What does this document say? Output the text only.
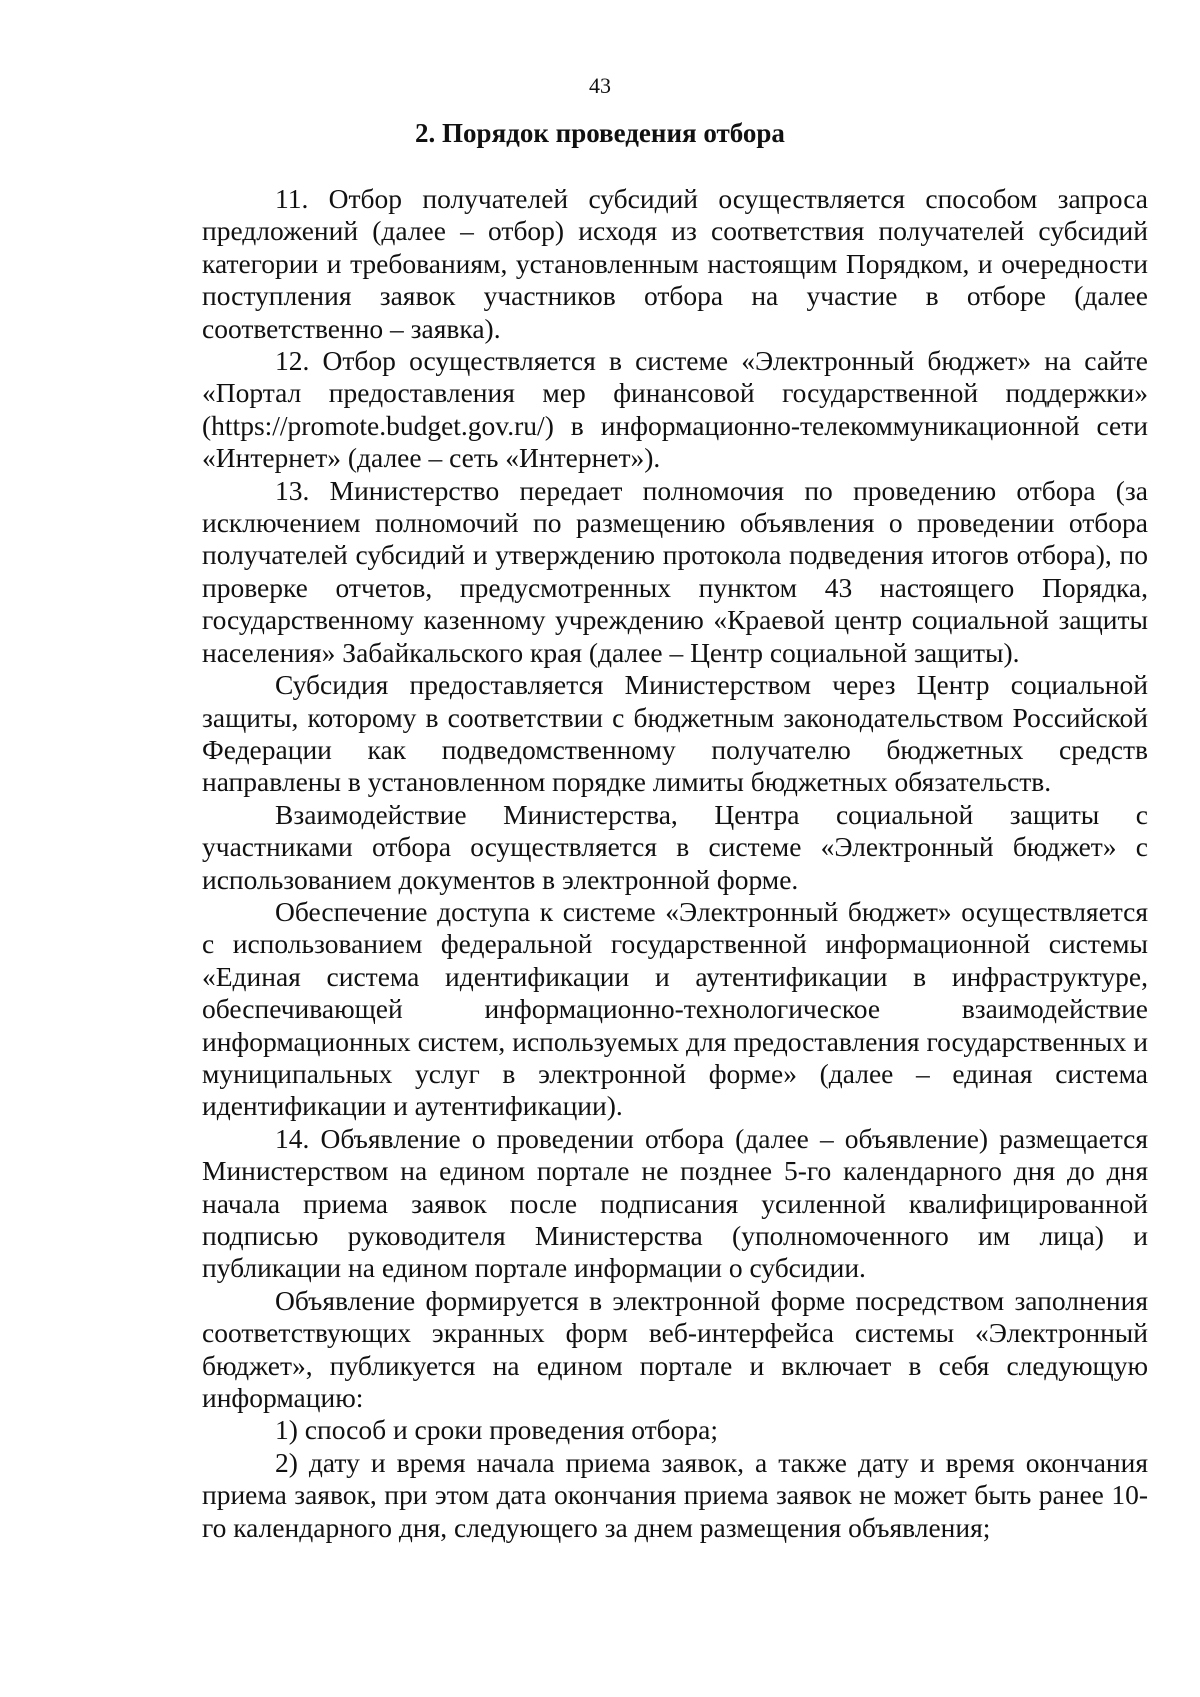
43
2. Порядок проведения отбора

11. Отбор получателей субсидий осуществляется способом запроса предложений (далее – отбор) исходя из соответствия получателей субсидий категории и требованиям, установленным настоящим Порядком, и очередности поступления заявок участников отбора на участие в отборе (далее соответственно – заявка).

12. Отбор осуществляется в системе «Электронный бюджет» на сайте «Портал предоставления мер финансовой государственной поддержки» (https://promote.budget.gov.ru/) в информационно-телекоммуникационной сети «Интернет» (далее – сеть «Интернет»).

13. Министерство передает полномочия по проведению отбора (за исключением полномочий по размещению объявления о проведении отбора получателей субсидий и утверждению протокола подведения итогов отбора), по проверке отчетов, предусмотренных пунктом 43 настоящего Порядка, государственному казенному учреждению «Краевой центр социальной защиты населения» Забайкальского края (далее – Центр социальной защиты).

Субсидия предоставляется Министерством через Центр социальной защиты, которому в соответствии с бюджетным законодательством Российской Федерации как подведомственному получателю бюджетных средств направлены в установленном порядке лимиты бюджетных обязательств.

Взаимодействие Министерства, Центра социальной защиты с участниками отбора осуществляется в системе «Электронный бюджет» с использованием документов в электронной форме.

Обеспечение доступа к системе «Электронный бюджет» осуществляется с использованием федеральной государственной информационной системы «Единая система идентификации и аутентификации в инфраструктуре, обеспечивающей информационно-технологическое взаимодействие информационных систем, используемых для предоставления государственных и муниципальных услуг в электронной форме» (далее – единая система идентификации и аутентификации).

14. Объявление о проведении отбора (далее – объявление) размещается Министерством на едином портале не позднее 5-го календарного дня до дня начала приема заявок после подписания усиленной квалифицированной подписью руководителя Министерства (уполномоченного им лица) и публикации на едином портале информации о субсидии.

Объявление формируется в электронной форме посредством заполнения соответствующих экранных форм веб-интерфейса системы «Электронный бюджет», публикуется на едином портале и включает в себя следующую информацию:

1) способ и сроки проведения отбора;

2) дату и время начала приема заявок, а также дату и время окончания приема заявок, при этом дата окончания приема заявок не может быть ранее 10-го календарного дня, следующего за днем размещения объявления;
